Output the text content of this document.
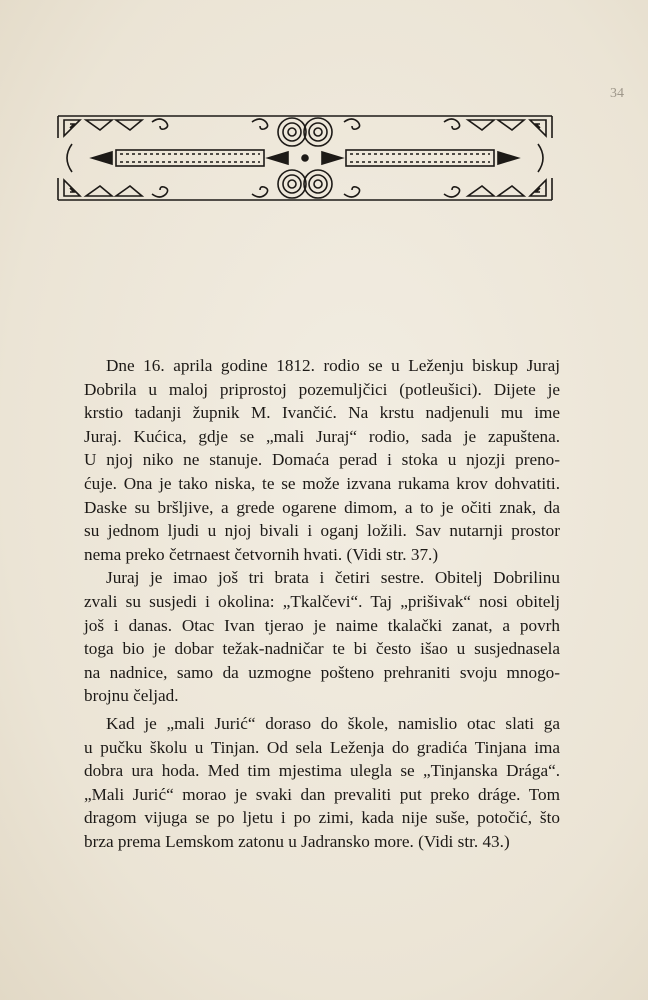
34

Dne 16. aprila godine 1812. rodio se u Leženju biskup Juraj
Dobrila u maloj priprostoj pozemuljčici (potleušici). Dijete je
krstio tadanji župnik M. Ivančić. Na krstu nadjenuli mu ime
Juraj. Kućica, gdje se „mali Juraj“ rodio, sada je zapuštena.
U njoj niko ne stanuje. Domaća perad i stoka u njozji preno-
ćuje. Ona je tako niska, te se može izvana rukama krov dohvatiti.
Daske su bršljive, a grede ogarene dimom, a to je očiti znak, da
su jednom ljudi u njoj bivali i oganj ložili. Sav nutarnji prostor
nema preko četrnaest četvornih hvati. (Vidi str. 37.)

Juraj je imao još tri brata i četiri sestre. Obitelj Dobrilinu
zvali su susjedi i okolina: „Tkalčevi“. Taj „prišivak“ nosi obitelj
još i danas. Otac Ivan tjerao je naime tkalački zanat, a povrh
toga bio je dobar težak-nadničar te bi često išao u susjednasela
na nadnice, samo da uzmogne pošteno prehraniti svoju mnogo-
brojnu čeljad.

Kad je „mali Jurić“ doraso do škole, namislio otac slati ga
u pučku školu u Tinjan. Od sela Leženja do gradića Tinjana ima
dobra ura hoda. Med tim mjestima ulegla se „Tinjanska Drága“.
„Mali Jurić“ morao je svaki dan prevaliti put preko dráge. Tom
dragom vijuga se po ljetu i po zimi, kada nije suše, potočić, što
brza prema Lemskom zatonu u Jadransko more. (Vidi str. 43.)
